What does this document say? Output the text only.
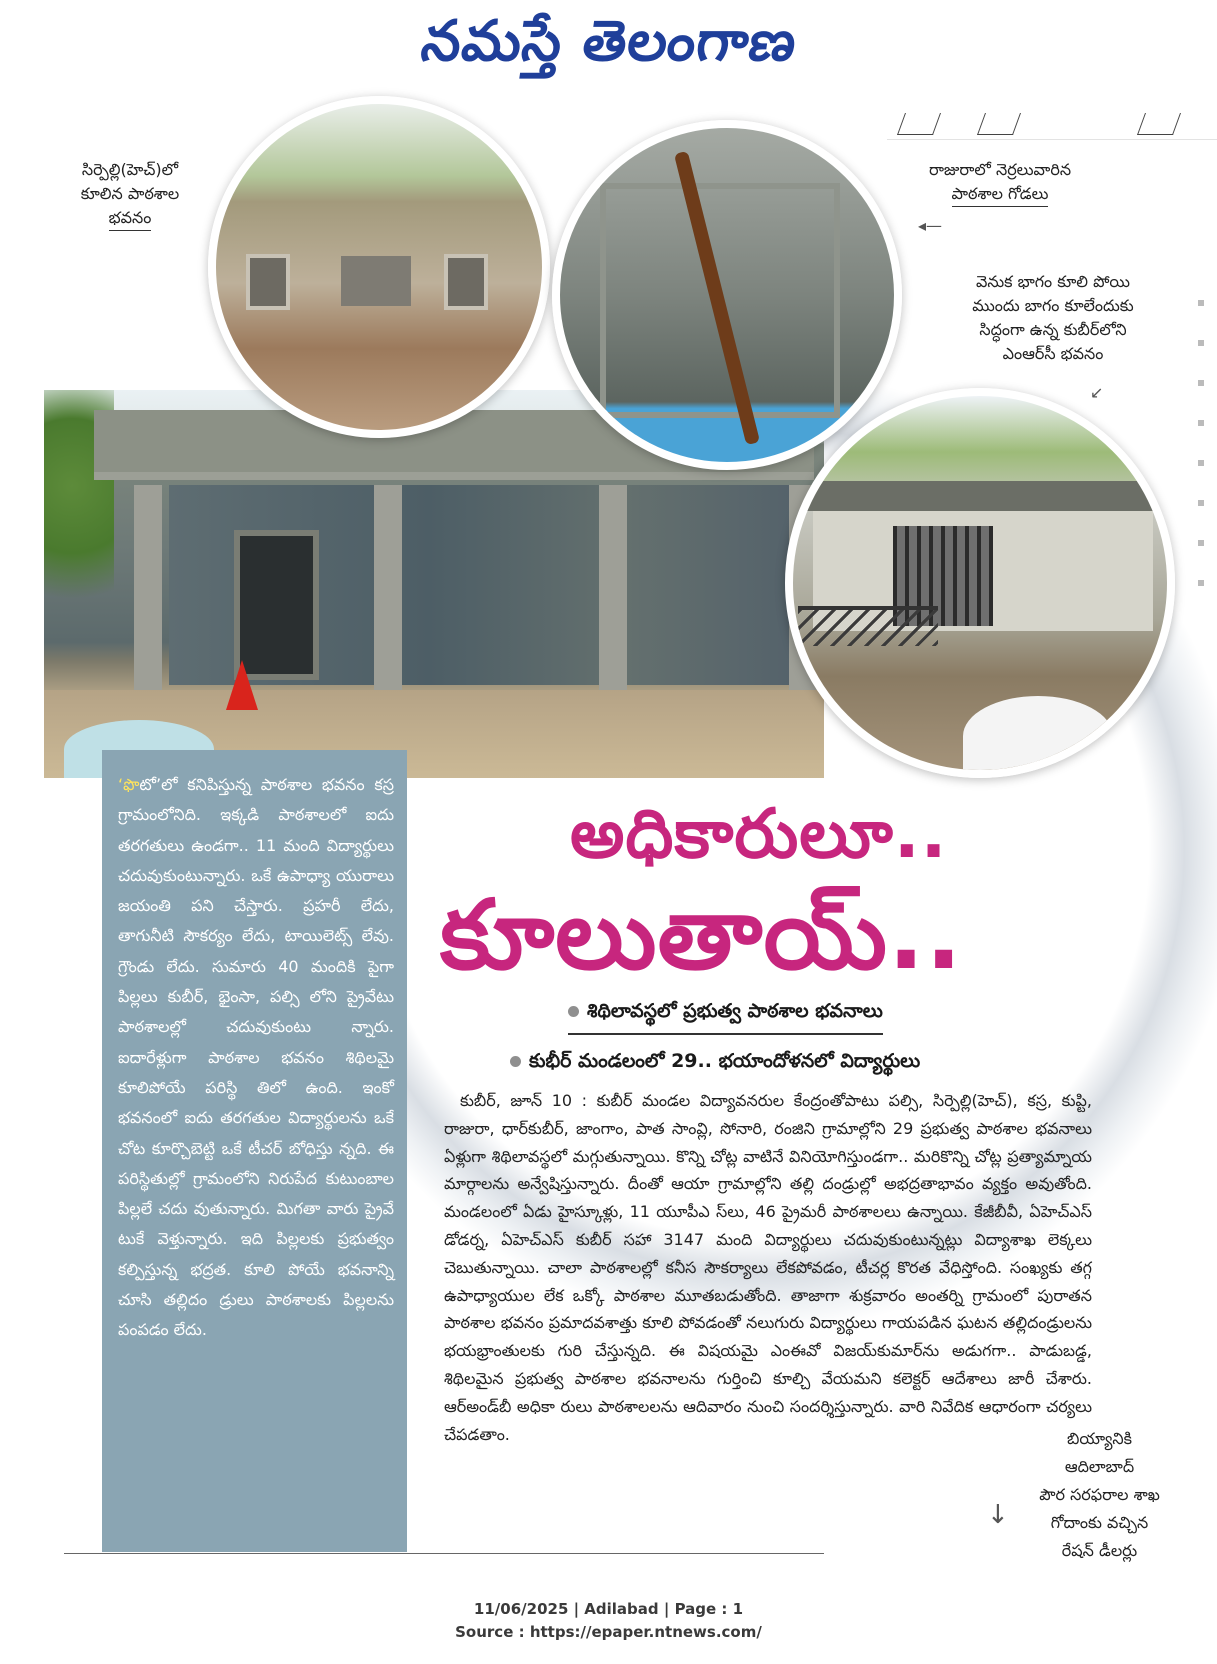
నమస్తే తెలంగాణ
సిర్పెల్లి(హెచ్)లో
కూలిన పాఠశాల
భవనం
రాజురాలో నెర్రలువారిన
పాఠశాల గోడలు
◂—
వెనుక భాగం కూలి పోయి
ముందు బాగం కూలేందుకు
సిద్ధంగా ఉన్న కుబీర్‌లోని
ఎంఆర్‌సీ భవనం
↙
‘ఫొటో’లో కనిపిస్తున్న పాఠశాల భవనం కస్ర గ్రామంలోనిది. ఇక్కడి పాఠశాలలో ఐదు తరగతులు ఉండగా.. 11 మంది విద్యార్థులు చదువుకుంటున్నారు. ఒకే ఉపాధ్యా యురాలు జయంతి పని చేస్తారు. ప్రహరీ లేదు, తాగునీటి సౌకర్యం లేదు, టాయిలెట్స్ లేవు. గ్రౌండు లేదు. సుమారు 40 మందికి పైగా పిల్లలు కుబీర్, భైంసా, పల్సి లోని ప్రైవేటు పాఠశాలల్లో చదువుకుంటు న్నారు. ఐదారేళ్లుగా పాఠశాల భవనం శిథిలమై కూలిపోయే పరిస్థి తిలో ఉంది. ఇంకో భవనంలో ఐదు తరగతుల విద్యార్థులను ఒకే చోట కూర్చొబెట్టి ఒకే టీచర్ బోధిస్తు న్నది. ఈ పరిస్థితుల్లో గ్రామంలోని నిరుపేద కుటుంబాల పిల్లలే చదు వుతున్నారు. మిగతా వారు ప్రైవే టుకే వెళ్తున్నారు. ఇది పిల్లలకు ప్రభుత్వం కల్పిస్తున్న భద్రత. కూలి పోయే భవనాన్ని చూసి తల్లిదం డ్రులు పాఠశాలకు పిల్లలను పంపడం లేదు.
అధికారులూ..
కూలుతాయ్..
శిథిలావస్థలో ప్రభుత్వ పాఠశాల భవనాలు
కుభీర్ మండలంలో 29.. భయాందోళనలో విద్యార్థులు
కుబీర్, జూన్ 10 : కుబీర్ మండల విద్యావనరుల కేంద్రంతోపాటు పల్సి, సిర్పెల్లి(హెచ్), కస్ర, కుప్టి, రాజురా, ధార్‌కుబీర్, జాంగాం, పాత సాంవ్లి, సోనారి, రంజిని గ్రామాల్లోని 29 ప్రభుత్వ పాఠశాల భవనాలు ఏళ్లుగా శిథిలావస్థలో మగ్గుతున్నాయి. కొన్ని చోట్ల వాటినే వినియోగిస్తుండగా.. మరికొన్ని చోట్ల ప్రత్యామ్నాయ మార్గాలను అన్వేషిస్తున్నారు. దీంతో ఆయా గ్రామాల్లోని తల్లి దండ్రుల్లో అభద్రతాభావం వ్యక్తం అవుతోంది. మండలంలో ఏడు హైస్కూళ్లు, 11 యూపీఎ స్‌లు, 46 ప్రైమరీ పాఠశాలలు ఉన్నాయి. కేజీబీవీ, ఏహెచ్‌ఎస్ డోడర్న, ఏహెచ్‌ఎస్ కుబీర్ సహా 3147 మంది విద్యార్థులు చదువుకుంటున్నట్లు విద్యాశాఖ లెక్కలు చెబుతున్నాయి. చాలా పాఠశాలల్లో కనీస సౌకర్యాలు లేకపోవడం, టీచర్ల కొరత వేధిస్తోంది. సంఖ్యకు తగ్గ ఉపాధ్యాయుల లేక ఒక్కో పాఠశాల మూతబడుతోంది. తాజాగా శుక్రవారం అంతర్ని గ్రామంలో పురాతన పాఠశాల భవనం ప్రమాదవశాత్తు కూలి పోవడంతో నలుగురు విద్యార్థులు గాయపడిన ఘటన తల్లిదండ్రులను భయభ్రాంతులకు గురి చేస్తున్నది. ఈ విషయమై ఎంఈవో విజయ్‌కుమార్‌ను అడుగగా.. పాడుబడ్డ, శిథిలమైన ప్రభుత్వ పాఠశాల భవనాలను గుర్తించి కూల్చి వేయమని కలెక్టర్ ఆదేశాలు జారీ చేశారు. ఆర్‌అండ్‌బీ అధికా రులు పాఠశాలలను ఆదివారం నుంచి సందర్శిస్తున్నారు. వారి నివేదిక ఆధారంగా చర్యలు చేపడతాం.	బియ్యానికి
ఆదిలాబాద్
పౌర సరఫరాల శాఖ
గోదాంకు వచ్చిన
రేషన్ డీలర్లు
↓
11/06/2025 | Adilabad | Page : 1
Source : https://epaper.ntnews.com/
